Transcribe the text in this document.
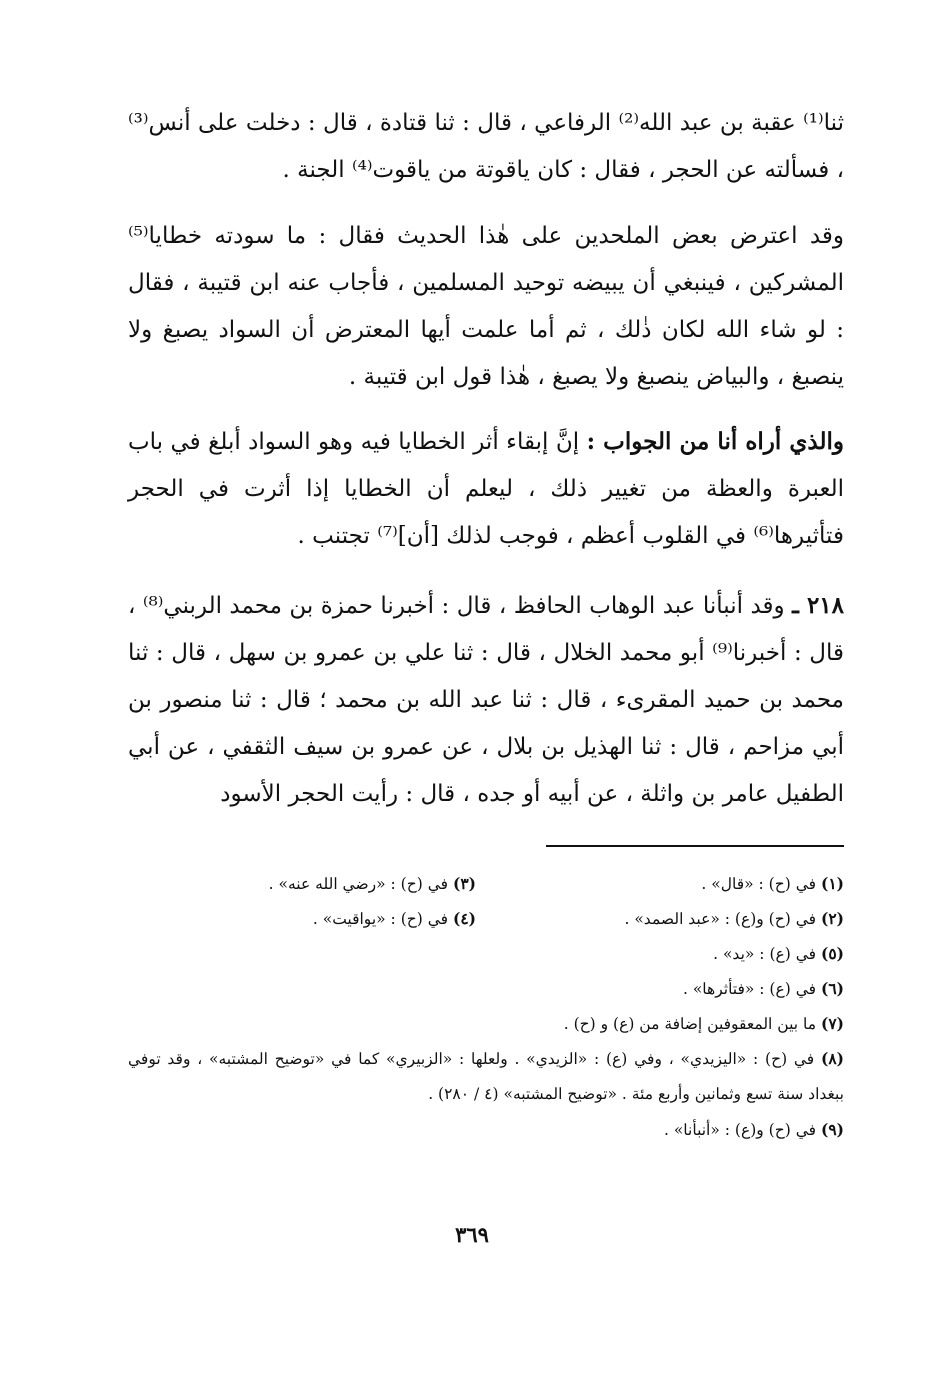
ثنا⁽¹⁾ عقبة بن عبد الله⁽²⁾ الرفاعي ، قال : ثنا قتادة ، قال : دخلت على أنس⁽³⁾ ، فسألته عن الحجر ، فقال : كان ياقوتة من ياقوت⁽⁴⁾ الجنة .

وقد اعترض بعض الملحدين على هٰذا الحديث فقال : ما سودته خطايا⁽⁵⁾ المشركين ، فينبغي أن يبيضه توحيد المسلمين ، فأجاب عنه ابن قتيبة ، فقال : لو شاء الله لكان ذٰلك ، ثم أما علمت أيها المعترض أن السواد يصبغ ولا ينصبغ ، والبياض ينصبغ ولا يصبغ ، هٰذا قول ابن قتيبة .

والذي أراه أنا من الجواب : إنَّ إبقاء أثر الخطايا فيه وهو السواد أبلغ في باب العبرة والعظة من تغيير ذلك ، ليعلم أن الخطايا إذا أثرت في الحجر فتأثيرها⁽⁶⁾ في القلوب أعظم ، فوجب لذلك [أن]⁽⁷⁾ تجتنب .

٢١٨ ـ وقد أنبأنا عبد الوهاب الحافظ ، قال : أخبرنا حمزة بن محمد الربني⁽⁸⁾ ، قال : أخبرنا⁽⁹⁾ أبو محمد الخلال ، قال : ثنا علي بن عمرو بن سهل ، قال : ثنا محمد بن حميد المقرىء ، قال : ثنا عبد الله بن محمد ؛ قال : ثنا منصور بن أبي مزاحم ، قال : ثنا الهذيل بن بلال ، عن عمرو بن سيف الثقفي ، عن أبي الطفيل عامر بن واثلة ، عن أبيه أو جده ، قال : رأيت الحجر الأسود

(١) في (ح) : «قال» .
(٣) في (ح) : «رضي الله عنه» .
(٢) في (ح) و(ع) : «عبد الصمد» .
(٤) في (ح) : «يواقيت» .
(٥) في (ع) : «يد» .
(٦) في (ع) : «فتأثرها» .
(٧) ما بين المعقوفين إضافة من (ع) و (ح) .

(٨) في (ح) : «اليزيدي» ، وفي (ع) : «الزيدي» . ولعلها : «الزبيري» كما في «توضيح المشتبه» ، وقد توفي ببغداد سنة تسع وثمانين وأربع مئة . «توضيح المشتبه» (٤ / ٢٨٠) .

(٩) في (ح) و(ع) : «أنبأنا» .
٣٦٩
